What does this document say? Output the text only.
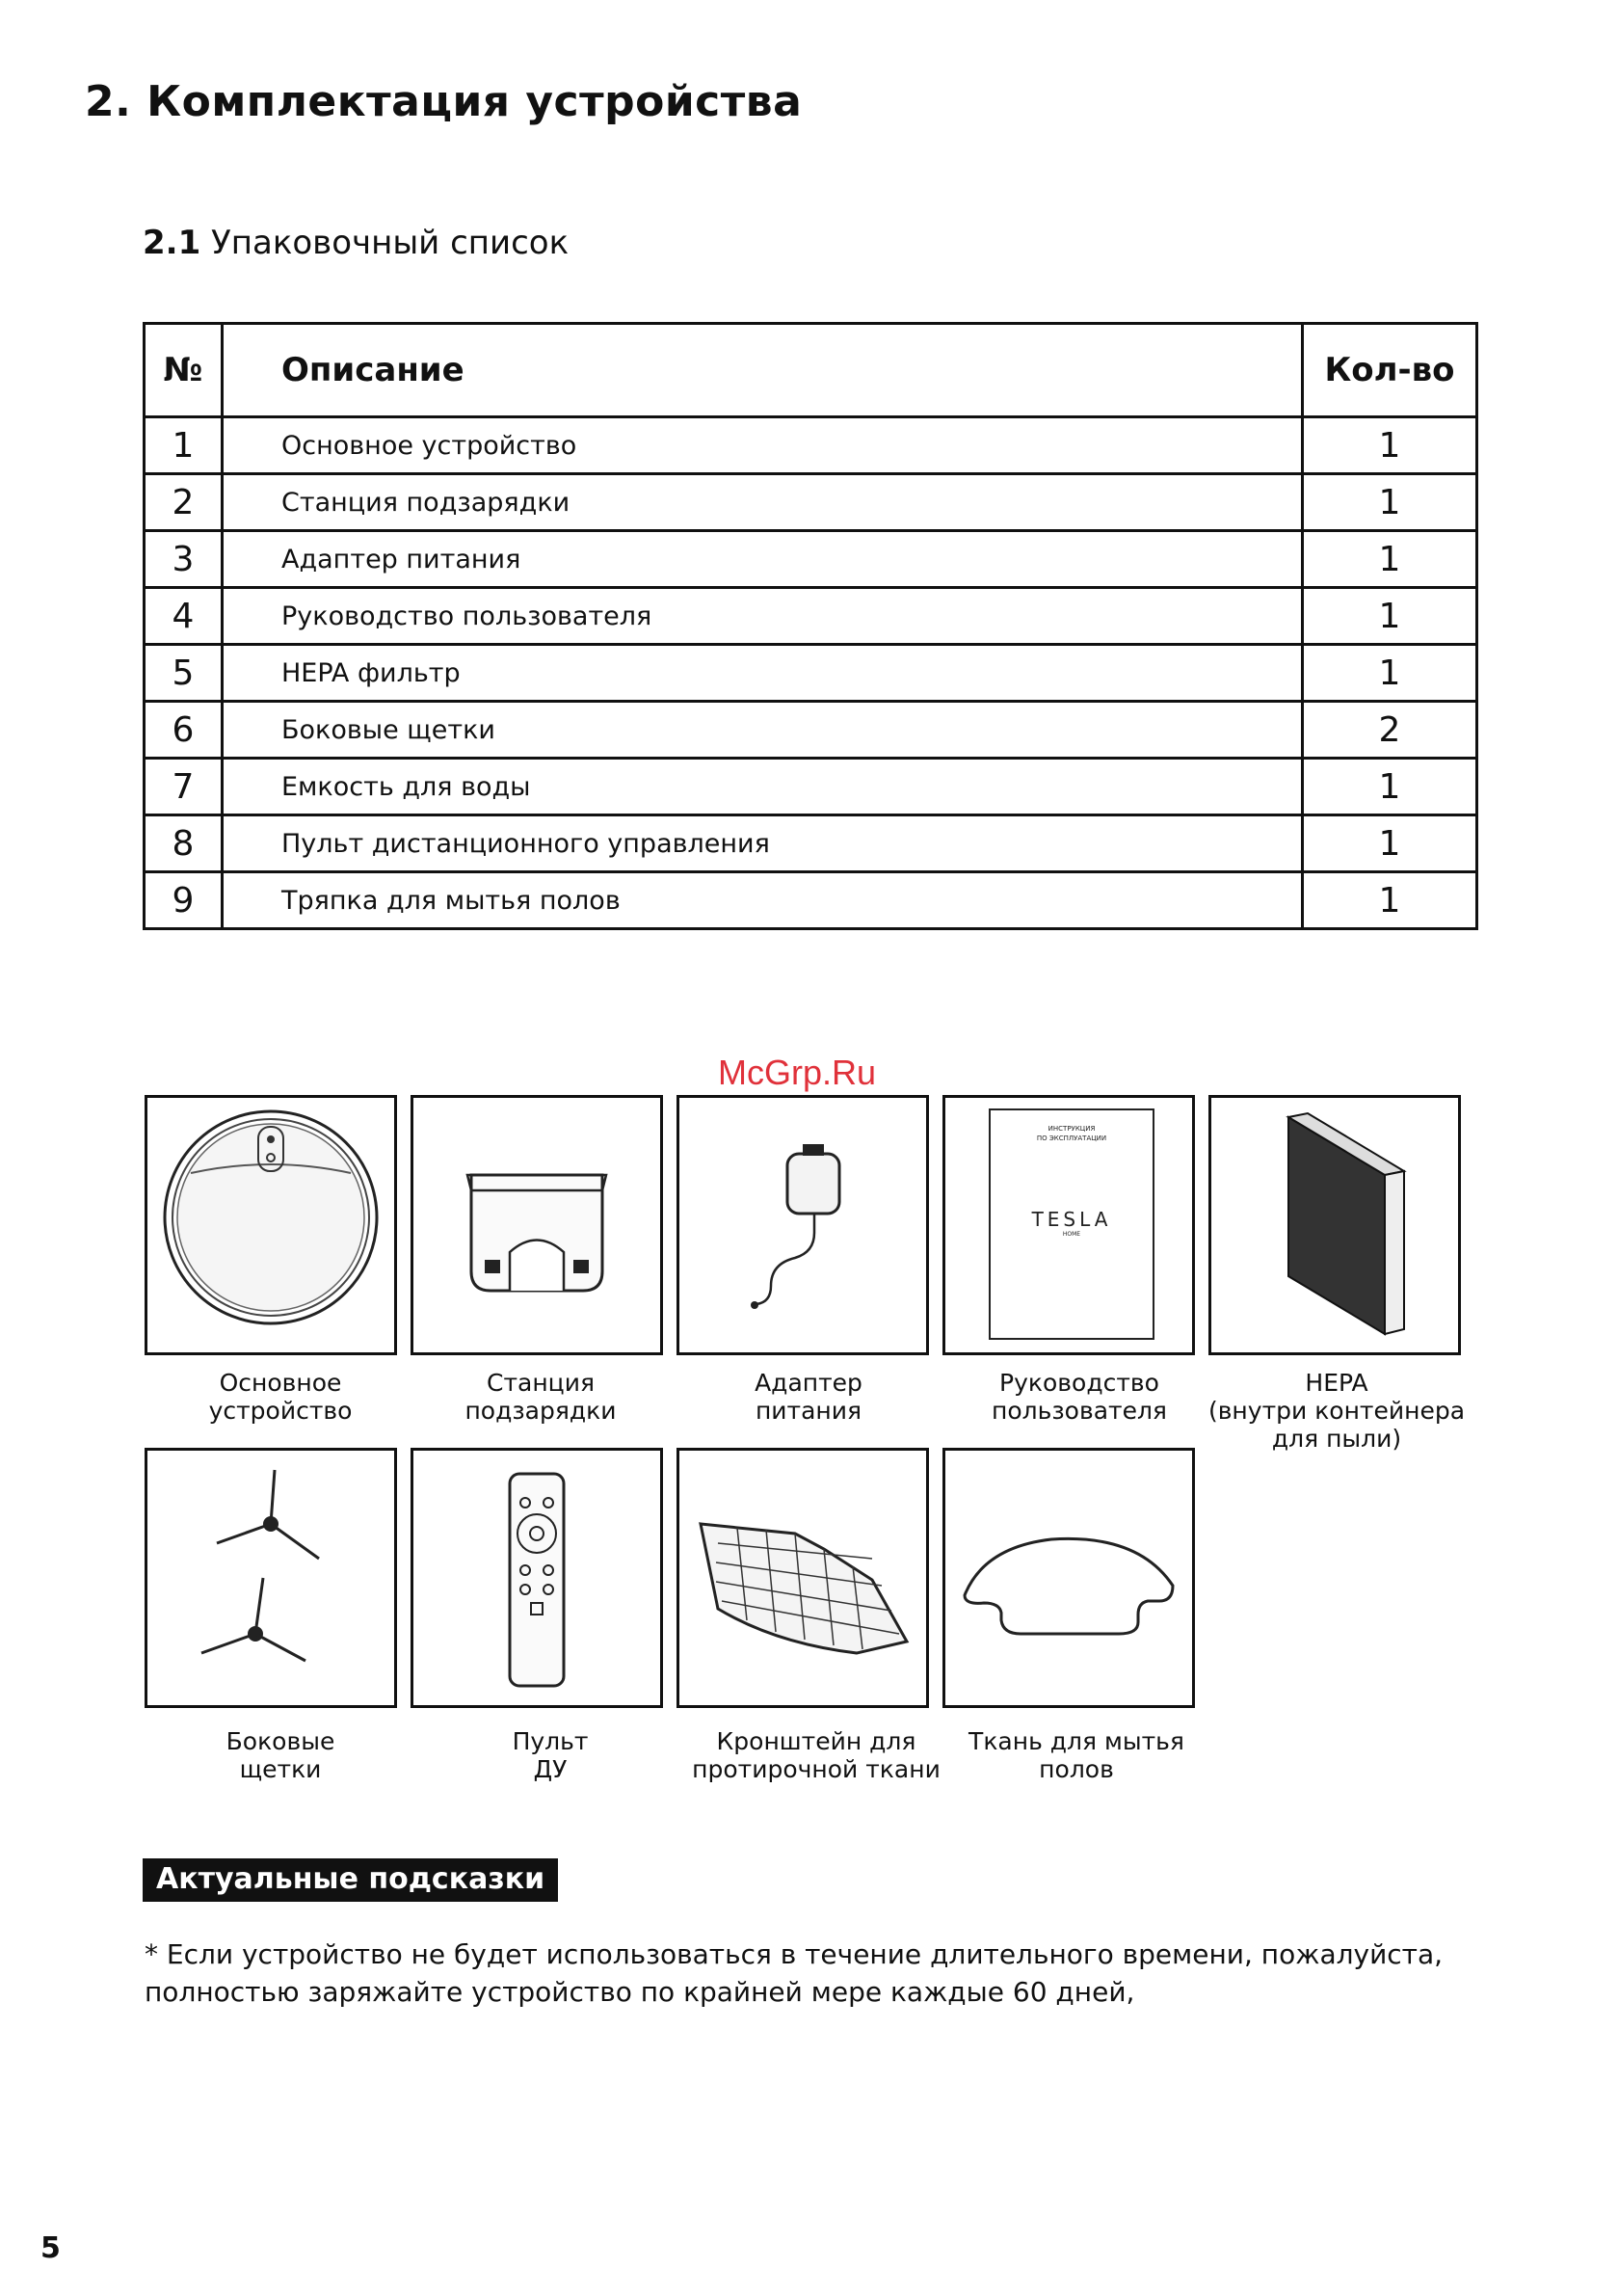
2. Комплектация устройства
2.1 Упаковочный список
№	Описание	Кол-во
1	Основное устройство	1
2	Станция подзарядки	1
3	Адаптер питания	1
4	Руководство пользователя	1
5	HEPA фильтр	1
6	Боковые щетки	2
7	Емкость для воды	1
8	Пульт дистанционного управления	1
9	Тряпка для мытья полов	1
ИНСТРУКЦИЯ
ПО ЭКСПЛУАТАЦИИ
TESLA
HOME
Основное
устройство
Станция
подзарядки
Адаптер
питания
Руководство
пользователя
HEPA
(внутри контейнера
для пыли)
Боковые
щетки
Пульт
ДУ
Кронштейн для
протирочной ткани
Ткань для мытья
полов
McGrp.Ru
Актуальные подсказки
* Если устройство не будет использоваться в течение длительного времени, пожалуйста,
полностью заряжайте устройство по крайней мере каждые 60 дней,
5
